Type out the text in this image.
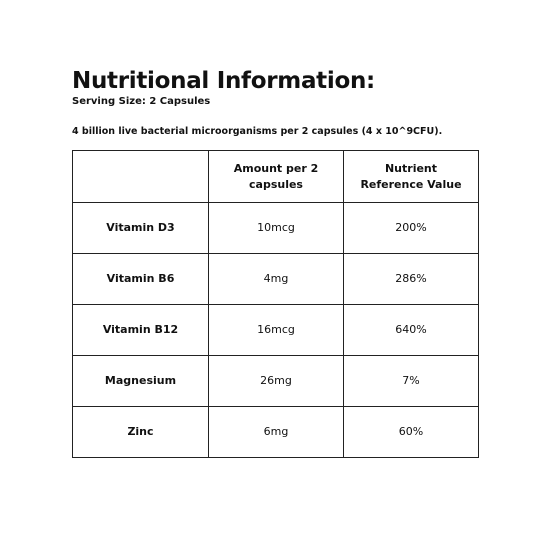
Nutritional Information:
Serving Size: 2 Capsules
4 billion live bacterial microorganisms per 2 capsules (4 x 10^9CFU).
	Amount per 2 capsules	Nutrient Reference Value
Vitamin D3	10mcg	200%
Vitamin B6	4mg	286%
Vitamin B12	16mcg	640%
Magnesium	26mg	7%
Zinc	6mg	60%
